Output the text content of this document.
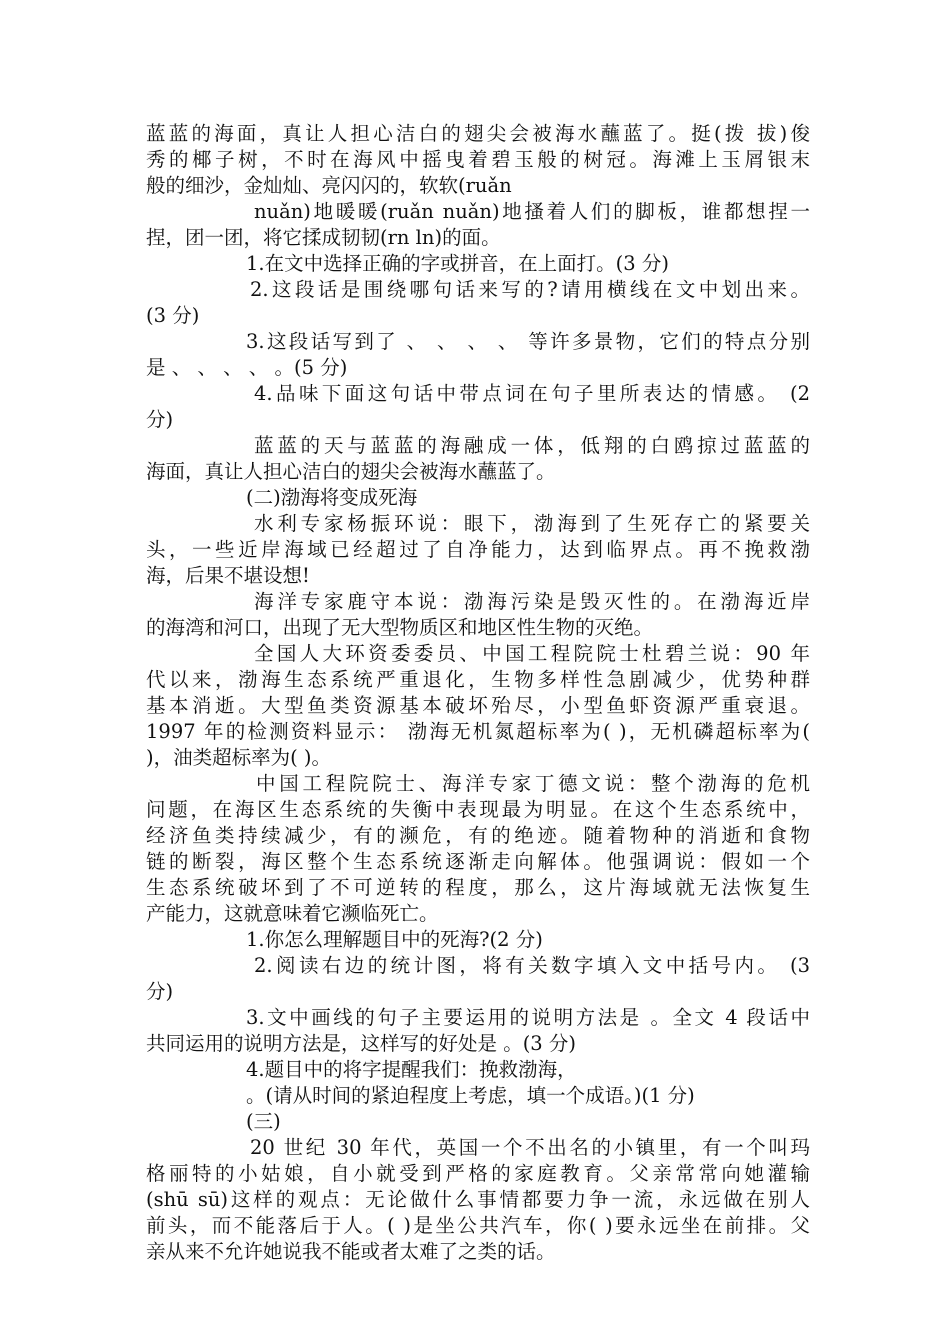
蓝蓝的海面，真让人担心洁白的翅尖会被海水蘸蓝了。挺(拨 拔)俊
秀的椰子树，不时在海风中摇曳着碧玉般的树冠。海滩上玉屑银末
般的细沙，金灿灿、亮闪闪的，软软(ruǎn
nuǎn)地暖暖(ruǎn nuǎn)地搔着人们的脚板，谁都想捏一
捏，团一团，将它揉成韧韧(rn ln)的面。
1.在文中选择正确的字或拼音，在上面打。(3 分)
2.这段话是围绕哪句话来写的?请用横线在文中划出来。
(3 分)
3.这段话写到了 、 、 、 、 等许多景物，它们的特点分别
是 、 、 、 、 。(5 分)
4.品味下面这句话中带点词在句子里所表达的情感。 (2
分)
蓝蓝的天与蓝蓝的海融成一体，低翔的白鸥掠过蓝蓝的
海面，真让人担心洁白的翅尖会被海水蘸蓝了。
(二)渤海将变成死海
水利专家杨振环说：眼下，渤海到了生死存亡的紧要关
头，一些近岸海域已经超过了自净能力，达到临界点。再不挽救渤
海，后果不堪设想!
海洋专家鹿守本说：渤海污染是毁灭性的。在渤海近岸
的海湾和河口，出现了无大型物质区和地区性生物的灭绝。
全国人大环资委委员、中国工程院院士杜碧兰说：90 年
代以来，渤海生态系统严重退化，生物多样性急剧减少，优势种群
基本消逝。大型鱼类资源基本破坏殆尽，小型鱼虾资源严重衰退。
1997 年的检测资料显示： 渤海无机氮超标率为( )，无机磷超标率为(
)，油类超标率为( )。
中国工程院院士、海洋专家丁德文说：整个渤海的危机
问题，在海区生态系统的失衡中表现最为明显。在这个生态系统中，
经济鱼类持续减少，有的濒危，有的绝迹。随着物种的消逝和食物
链的断裂，海区整个生态系统逐渐走向解体。他强调说：假如一个
生态系统破坏到了不可逆转的程度，那么，这片海域就无法恢复生
产能力，这就意味着它濒临死亡。
1.你怎么理解题目中的死海?(2 分)
2.阅读右边的统计图，将有关数字填入文中括号内。 (3
分)
3.文中画线的句子主要运用的说明方法是 。全文 4 段话中
共同运用的说明方法是，这样写的好处是 。(3 分)
4.题目中的将字提醒我们：挽救渤海，
。(请从时间的紧迫程度上考虑，填一个成语。)(1 分)
(三)
20 世纪 30 年代，英国一个不出名的小镇里，有一个叫玛
格丽特的小姑娘，自小就受到严格的家庭教育。父亲常常向她灌输
(shū sū)这样的观点：无论做什么事情都要力争一流，永远做在别人
前头，而不能落后于人。( )是坐公共汽车，你( )要永远坐在前排。父
亲从来不允许她说我不能或者太难了之类的话。
